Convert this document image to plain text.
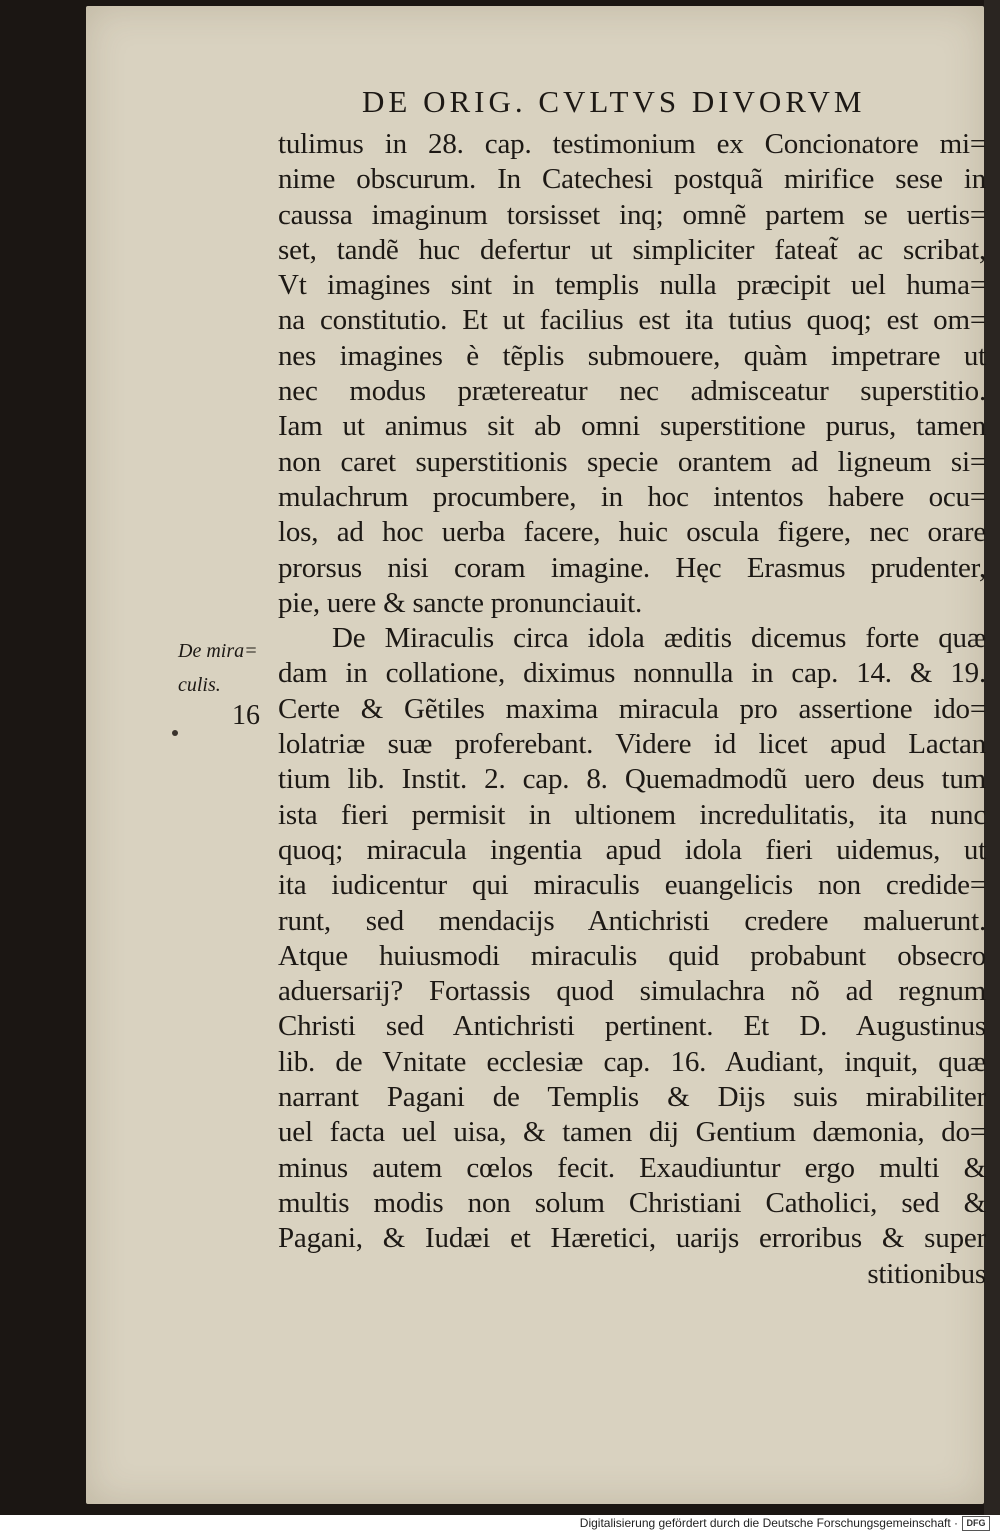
DE ORIG. CVLTVS DIVORVM
De mira=
culis.
16
tulimus in 28. cap. testimonium ex Concionatore mi=
nime obscurum. In Catechesi postquã mirifice sese in
caussa imaginum torsisset inq; omnẽ partem se uertis=
set, tandẽ huc defertur ut simpliciter fateat̃ ac scribat,
Vt imagines sint in templis nulla præcipit uel huma=
na constitutio. Et ut facilius est ita tutius quoq; est om=
nes imagines è tẽplis submouere, quàm impetrare ut
nec modus prætereatur nec admisceatur superstitio.
Iam ut animus sit ab omni superstitione purus, tamen
non caret superstitionis specie orantem ad ligneum si=
mulachrum procumbere, in hoc intentos habere ocu=
los, ad hoc uerba facere, huic oscula figere, nec orare
prorsus nisi coram imagine. Hęc Erasmus prudenter,
pie, uere & sancte pronunciauit.
De Miraculis circa idola æditis dicemus forte quæ
dam in collatione, diximus nonnulla in cap. 14. & 19.
Certe & Gẽtiles maxima miracula pro assertione ido=
lolatriæ suæ proferebant. Videre id licet apud Lactan
tium lib. Instit. 2. cap. 8. Quemadmodũ uero deus tum
ista fieri permisit in ultionem incredulitatis, ita nunc
quoq; miracula ingentia apud idola fieri uidemus, ut
ita iudicentur qui miraculis euangelicis non credide=
runt, sed mendacijs Antichristi credere maluerunt.
Atque huiusmodi miraculis quid probabunt obsecro
aduersarij? Fortassis quod simulachra nõ ad regnum
Christi sed Antichristi pertinent. Et D. Augustinus
lib. de Vnitate ecclesiæ cap. 16. Audiant, inquit, quæ
narrant Pagani de Templis & Dijs suis mirabiliter
uel facta uel uisa, & tamen dij Gentium dæmonia, do=
minus autem cœlos fecit. Exaudiuntur ergo multi &
multis modis non solum Christiani Catholici, sed &
Pagani, & Iudæi et Hæretici, uarijs erroribus & super
stitionibus
Digitalisierung gefördert durch die Deutsche Forschungsgemeinschaft · DFG
